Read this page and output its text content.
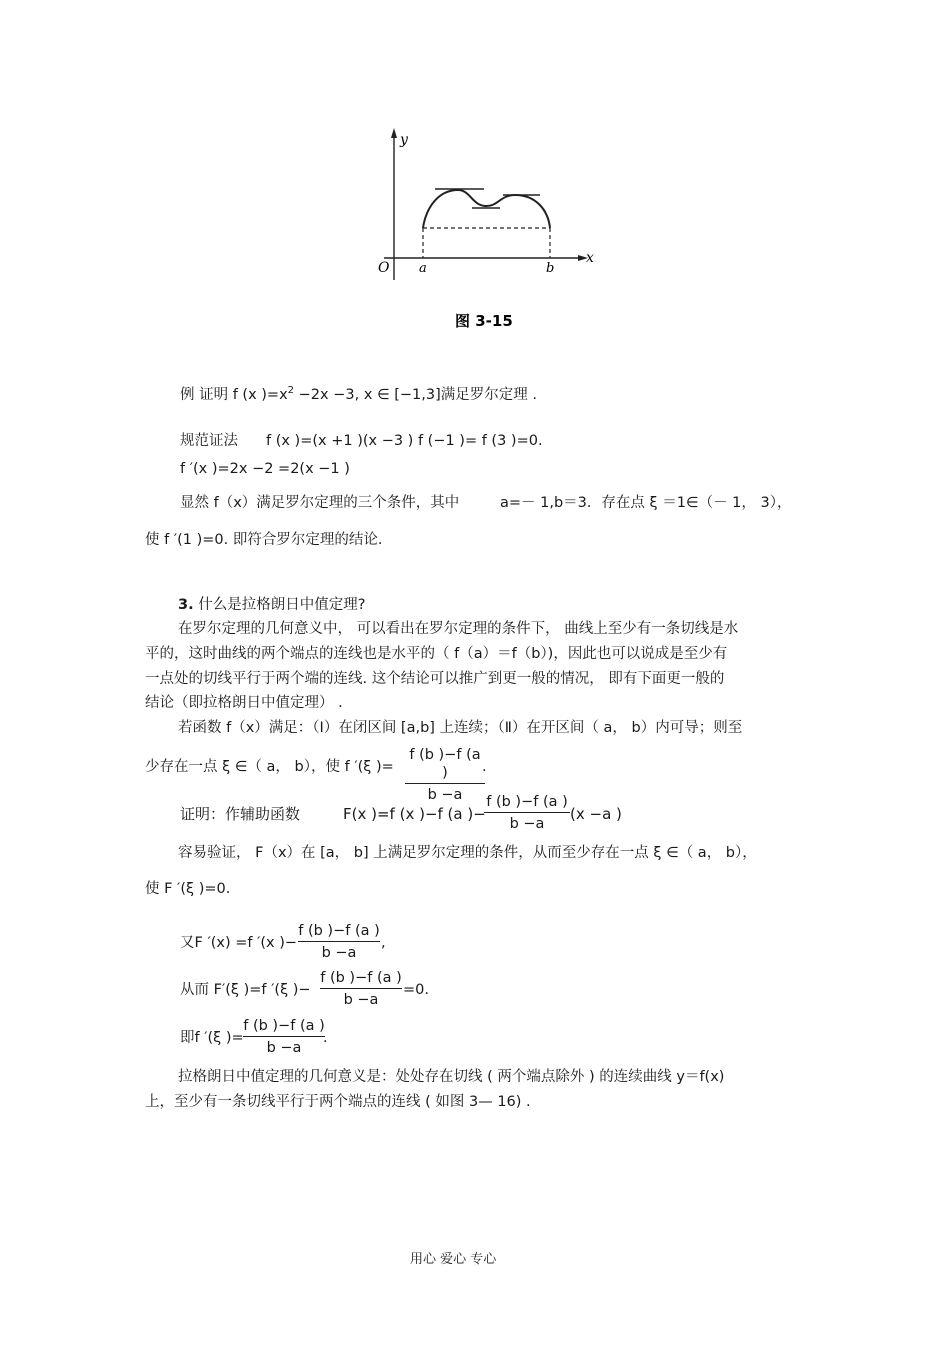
y
x
O a	b
图 3-15
例 证明 f (x )$=x^2 -2x -3$, x ∈ [−1,3]满足罗尔定理 .
规范证法 f (x )=(x +1 )(x −3 ) f (−1 )= f (3 )=0.
f ′(x )=2x −2 =2(x −1 )
显然 f（x）满足罗尔定理的三个条件，其中	a=－ 1,b＝3．存在点 ξ ＝1∈（－ 1， 3），
使 f ′(1 )=0. 即符合罗尔定理的结论.
3. 什么是拉格朗日中值定理?
在罗尔定理的几何意义中， 可以看出在罗尔定理的条件下， 曲线上至少有一条切线是水
平的，这时曲线的两个端点的连线也是水平的（ f（a）＝f（b）)，因此也可以说成是至少有
一点处的切线平行于两个端的连线. 这个结论可以推广到更一般的情况， 即有下面更一般的
结论（即拉格朗日中值定理） .
若函数 f（x）满足：（Ⅰ）在闭区间 [a,b] 上连续；（Ⅱ）在开区间（ a， b）内可导；则至
少存在一点 ξ ∈（ a， b），使 f ′(ξ )=
f (b )−f (a )
b −a
.
证明：作辅助函数	F(x )=f (x )−f (a )−
f (b )−f (a )
b −a
(x −a )
容易验证， F（x）在 [a， b] 上满足罗尔定理的条件，从而至少存在一点 ξ ∈（ a， b），
使 F ′(ξ )=0.
又F ′(x) =f ′(x )−
f (b )−f (a )
b −a
,
从而 F′(ξ )=f ′(ξ )−
f (b )−f (a )
b −a
=0.
即f ′(ξ )=
f (b )−f (a )
b −a
.
拉格朗日中值定理的几何意义是：处处存在切线 ( 两个端点除外 ) 的连续曲线 y＝f(x)
上，至少有一条切线平行于两个端点的连线 ( 如图 3— 16) .
用心 爱心 专心
